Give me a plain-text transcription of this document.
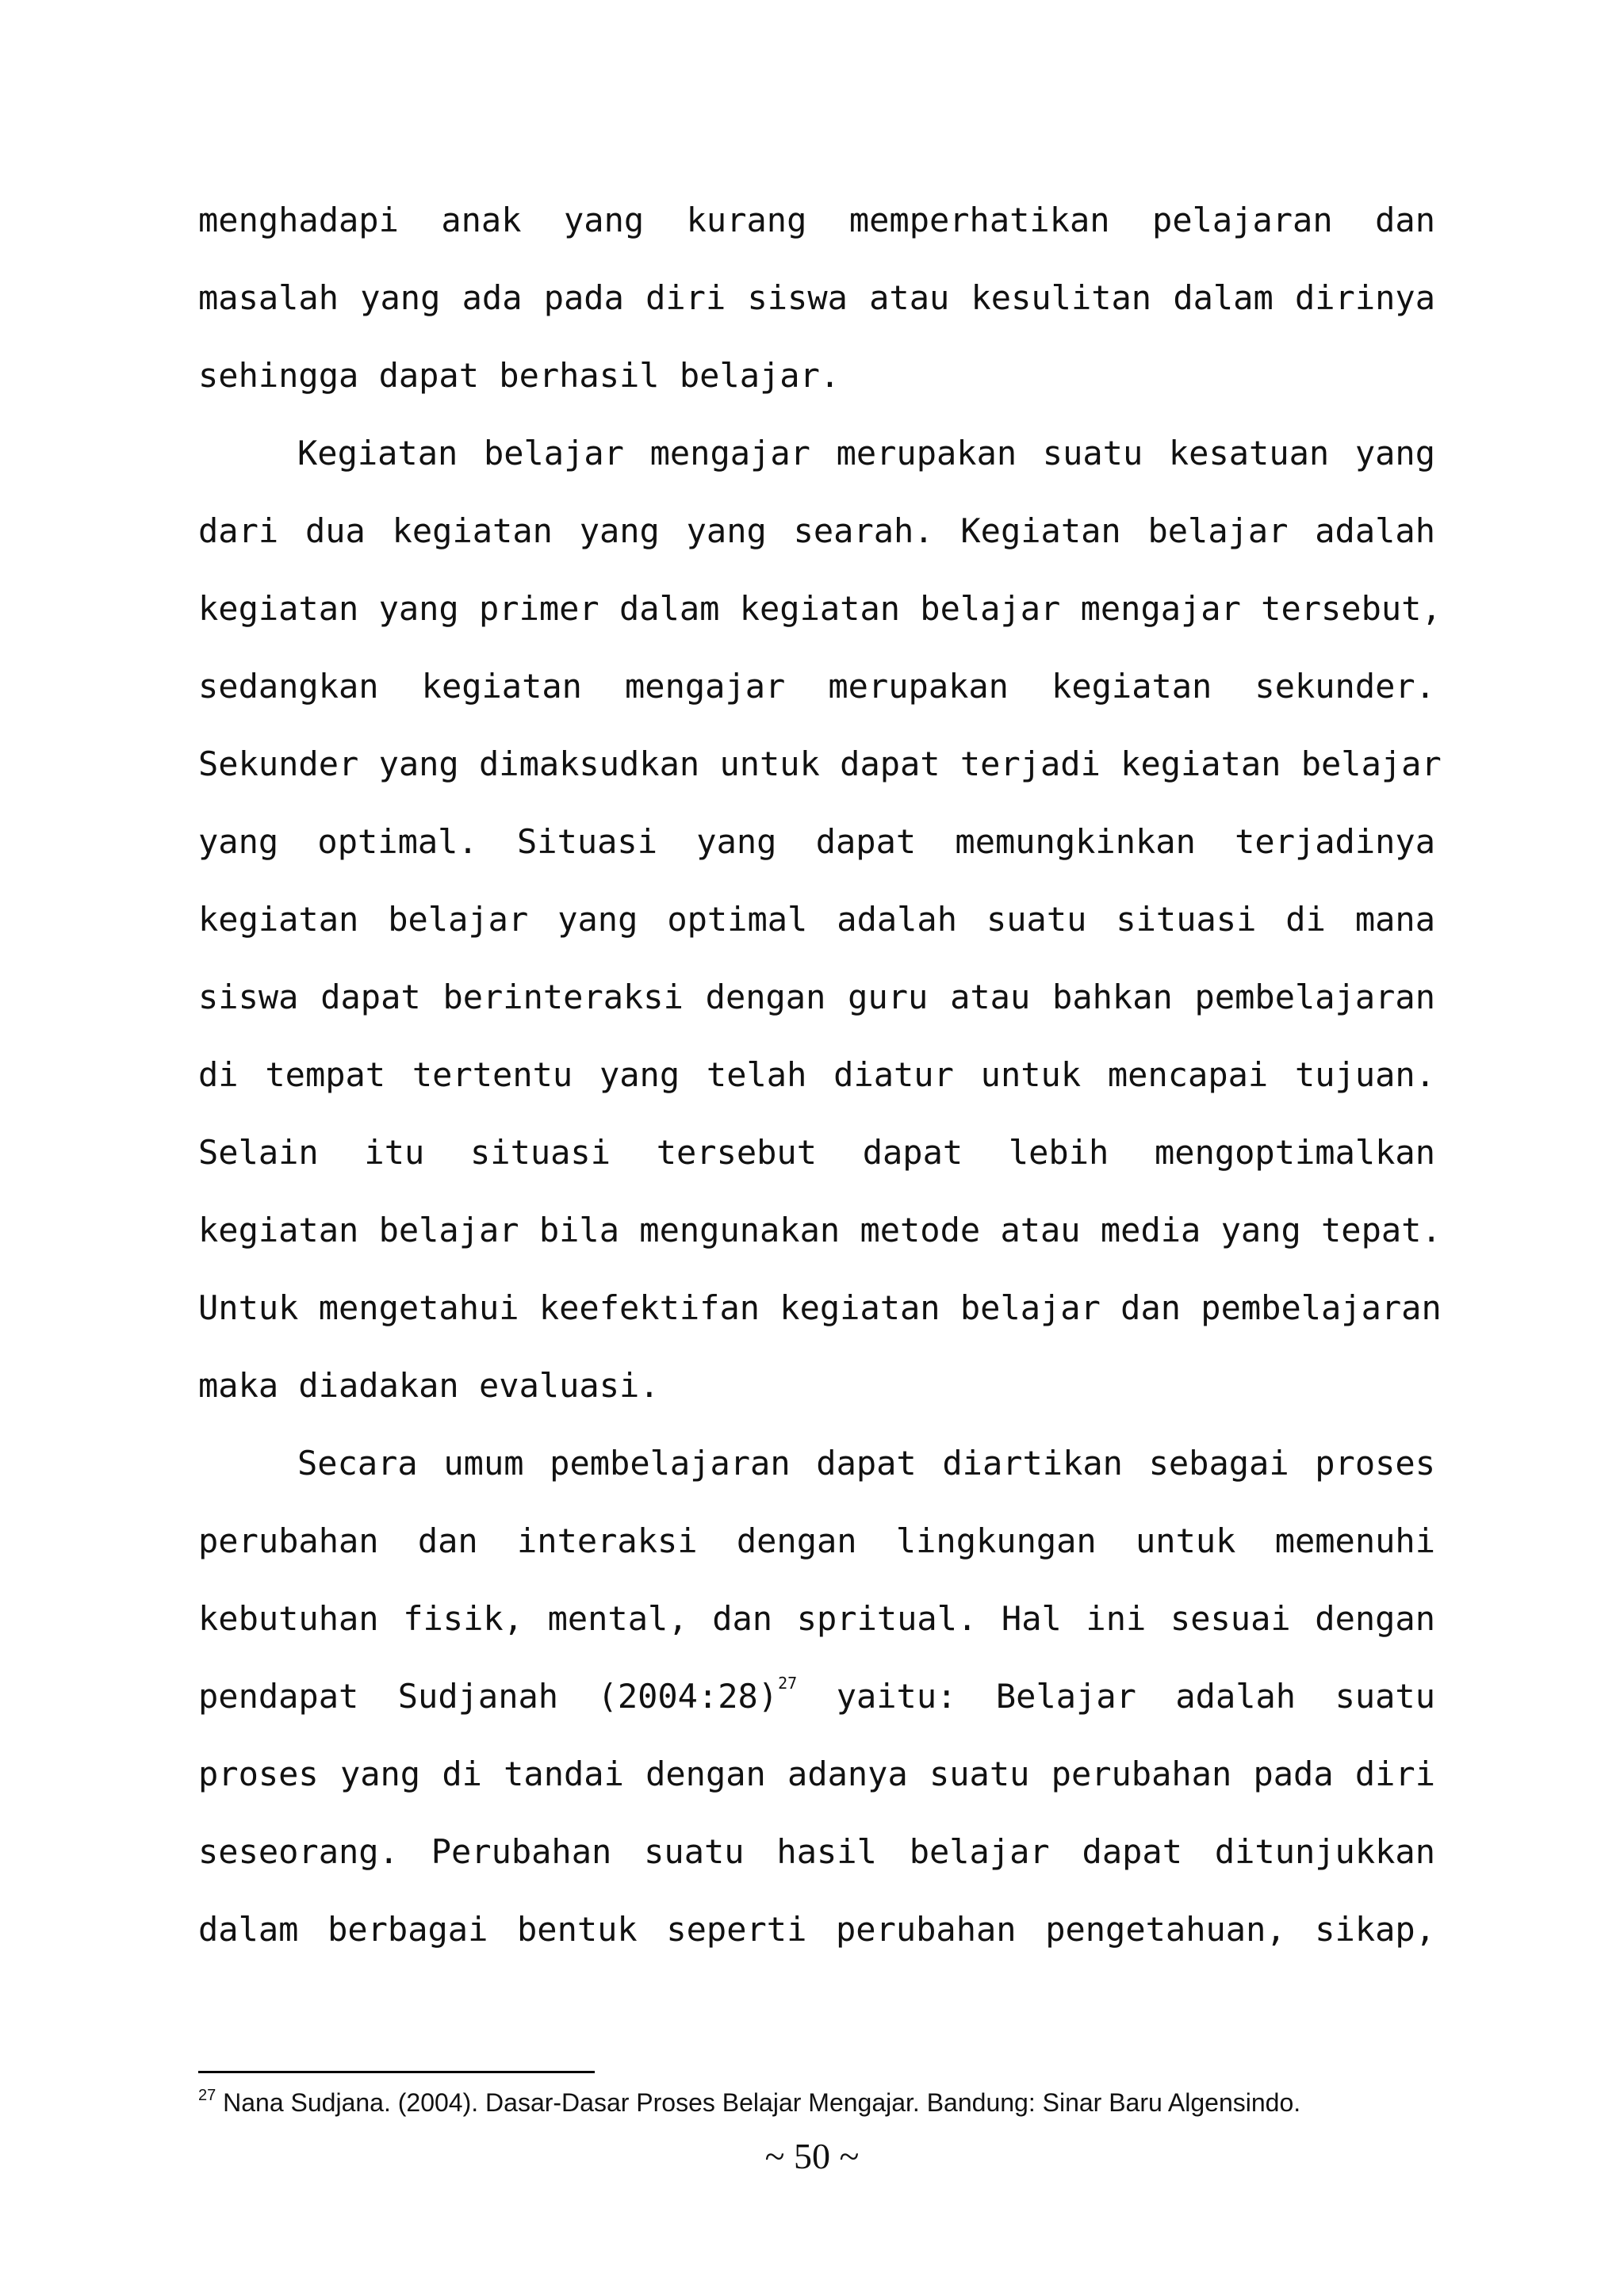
menghadapi anak yang kurang memperhatikan pelajaran dan
masalah yang ada pada diri siswa atau kesulitan dalam dirinya
sehingga dapat berhasil belajar.
Kegiatan belajar mengajar merupakan suatu kesatuan yang
dari dua kegiatan yang yang searah. Kegiatan belajar adalah
kegiatan yang primer dalam kegiatan belajar mengajar tersebut,
sedangkan kegiatan mengajar merupakan kegiatan sekunder.
Sekunder yang dimaksudkan untuk dapat terjadi kegiatan belajar
yang optimal. Situasi yang dapat memungkinkan terjadinya
kegiatan belajar yang optimal adalah suatu situasi di mana
siswa dapat berinteraksi dengan guru atau bahkan pembelajaran
di tempat tertentu yang telah diatur untuk mencapai tujuan.
Selain itu situasi tersebut dapat lebih mengoptimalkan
kegiatan belajar bila mengunakan metode atau media yang tepat.
Untuk mengetahui keefektifan kegiatan belajar dan pembelajaran
maka diadakan evaluasi.
Secara umum pembelajaran dapat diartikan sebagai proses
perubahan dan interaksi dengan lingkungan untuk memenuhi
kebutuhan fisik, mental, dan spritual. Hal ini sesuai dengan
pendapat Sudjanah (2004:28)$^{27}$ yaitu: Belajar adalah suatu
proses yang di tandai dengan adanya suatu perubahan pada diri
seseorang. Perubahan suatu hasil belajar dapat ditunjukkan
dalam berbagai bentuk seperti perubahan pengetahuan, sikap,
$^{27}$ Nana Sudjana. (2004). Dasar-Dasar Proses Belajar Mengajar. Bandung: Sinar Baru Algensindo.
~ 50 ~
